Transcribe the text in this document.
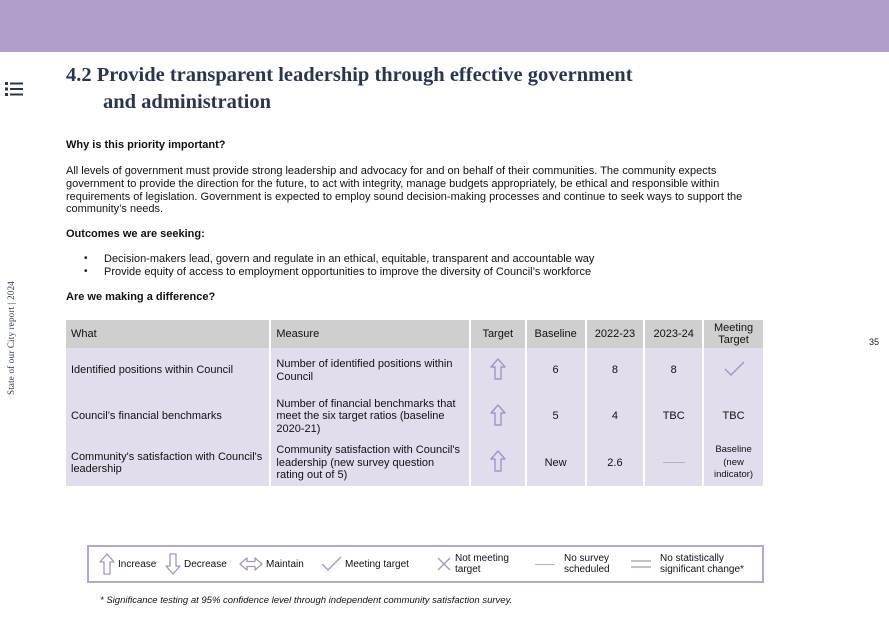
State of our City report | 2024	35
4.2 Provide transparent leadership through effective government
and administration
Why is this priority important?
All levels of government must provide strong leadership and advocacy for and on behalf of their communities. The community expects government to provide the direction for the future, to act with integrity, manage budgets appropriately, be ethical and responsible within requirements of legislation. Government is expected to employ sound decision-making processes and continue to seek ways to support the community’s needs.
Outcomes we are seeking:
• Decision-makers lead, govern and regulate in an ethical, equitable, transparent and accountable way
• Provide equity of access to employment opportunities to improve the diversity of Council’s workforce
Are we making a difference?
What	Measure	Target	Baseline	2022-23	2023-24	Meeting Target
Identified positions within Council	Number of identified positions within Council		6	8	8	
Council’s financial benchmarks	Number of financial benchmarks that meet the six target ratios (baseline 2020-21)		5	4	TBC	TBC
Community's satisfaction with Council's leadership	Community satisfaction with Council's leadership (new survey question rating out of 5)		New	2.6		Baseline (new indicator)
Increase	Decrease	Maintain	Meeting target	Not meeting target
No survey scheduled
No statistically significant change*
* Significance testing at 95% confidence level through independent community satisfaction survey.
